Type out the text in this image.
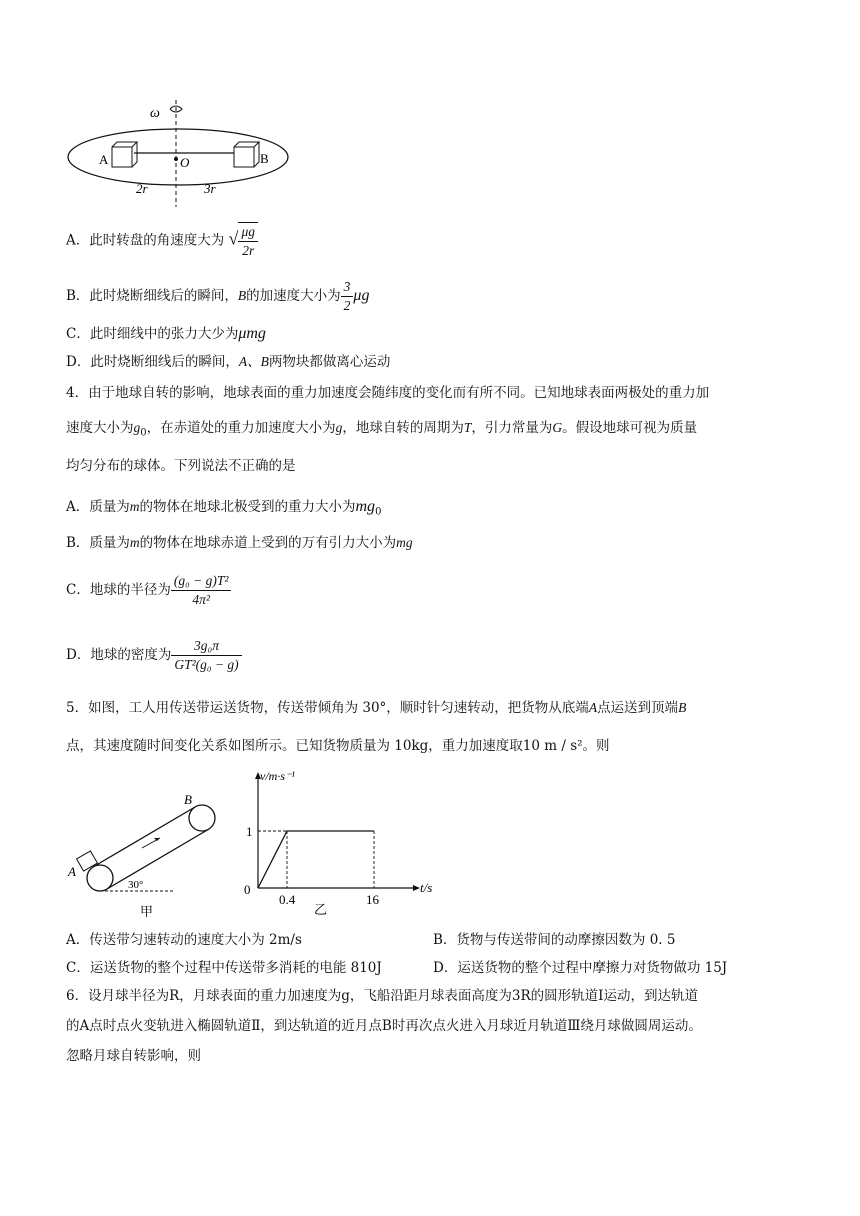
ω
A	B
O
2r	3r
A．此时转盘的角速度大为 √ $\frac{\mu g}{2r}$
B．此时烧断细线后的瞬间，B的加速度大小为 $\frac{3}{2}$ μg
C．此时细线中的张力大少为μmg
D．此时烧断细线后的瞬间，A、B两物块都做离心运动
4．由于地球自转的影响，地球表面的重力加速度会随纬度的变化而有所不同。已知地球表面两极处的重力加
速度大小为$g_0$，在赤道处的重力加速度大小为g，地球自转的周期为T，引力常量为G。假设地球可视为质量
均匀分布的球体。下列说法不正确的是
A．质量为m的物体在地球北极受到的重力大小为$mg_0$
B．质量为m的物体在地球赤道上受到的万有引力大小为mg
C．地球的半径为 $\frac{\text{(g₀ − g)T²}}{\text{4π²}}$
D．地球的密度为 $\frac{\text{3g₀π}}{\text{GT²(g₀ − g)}}$
5．如图，工人用传送带运送货物，传送带倾角为 30°，顺时针匀速转动，把货物从底端A点运送到顶端B
点，其速度随时间变化关系如图所示。已知货物质量为 10kg，重力加速度取10 m / s²。则
30°
A
B
甲
v/m·s⁻¹
t/s
0
1
0.4	16
乙
A．传送带匀速转动的速度大小为 2m/s	B．货物与传送带间的动摩擦因数为 0. 5
C．运送货物的整个过程中传送带多消耗的电能 810J	D．运送货物的整个过程中摩擦力对货物做功 15J
6．设月球半径为R，月球表面的重力加速度为g，飞船沿距月球表面高度为3R的圆形轨道Ⅰ运动，到达轨道
的A点时点火变轨进入椭圆轨道Ⅱ，到达轨道的近月点B时再次点火进入月球近月轨道Ⅲ绕月球做圆周运动。
忽略月球自转影响，则
